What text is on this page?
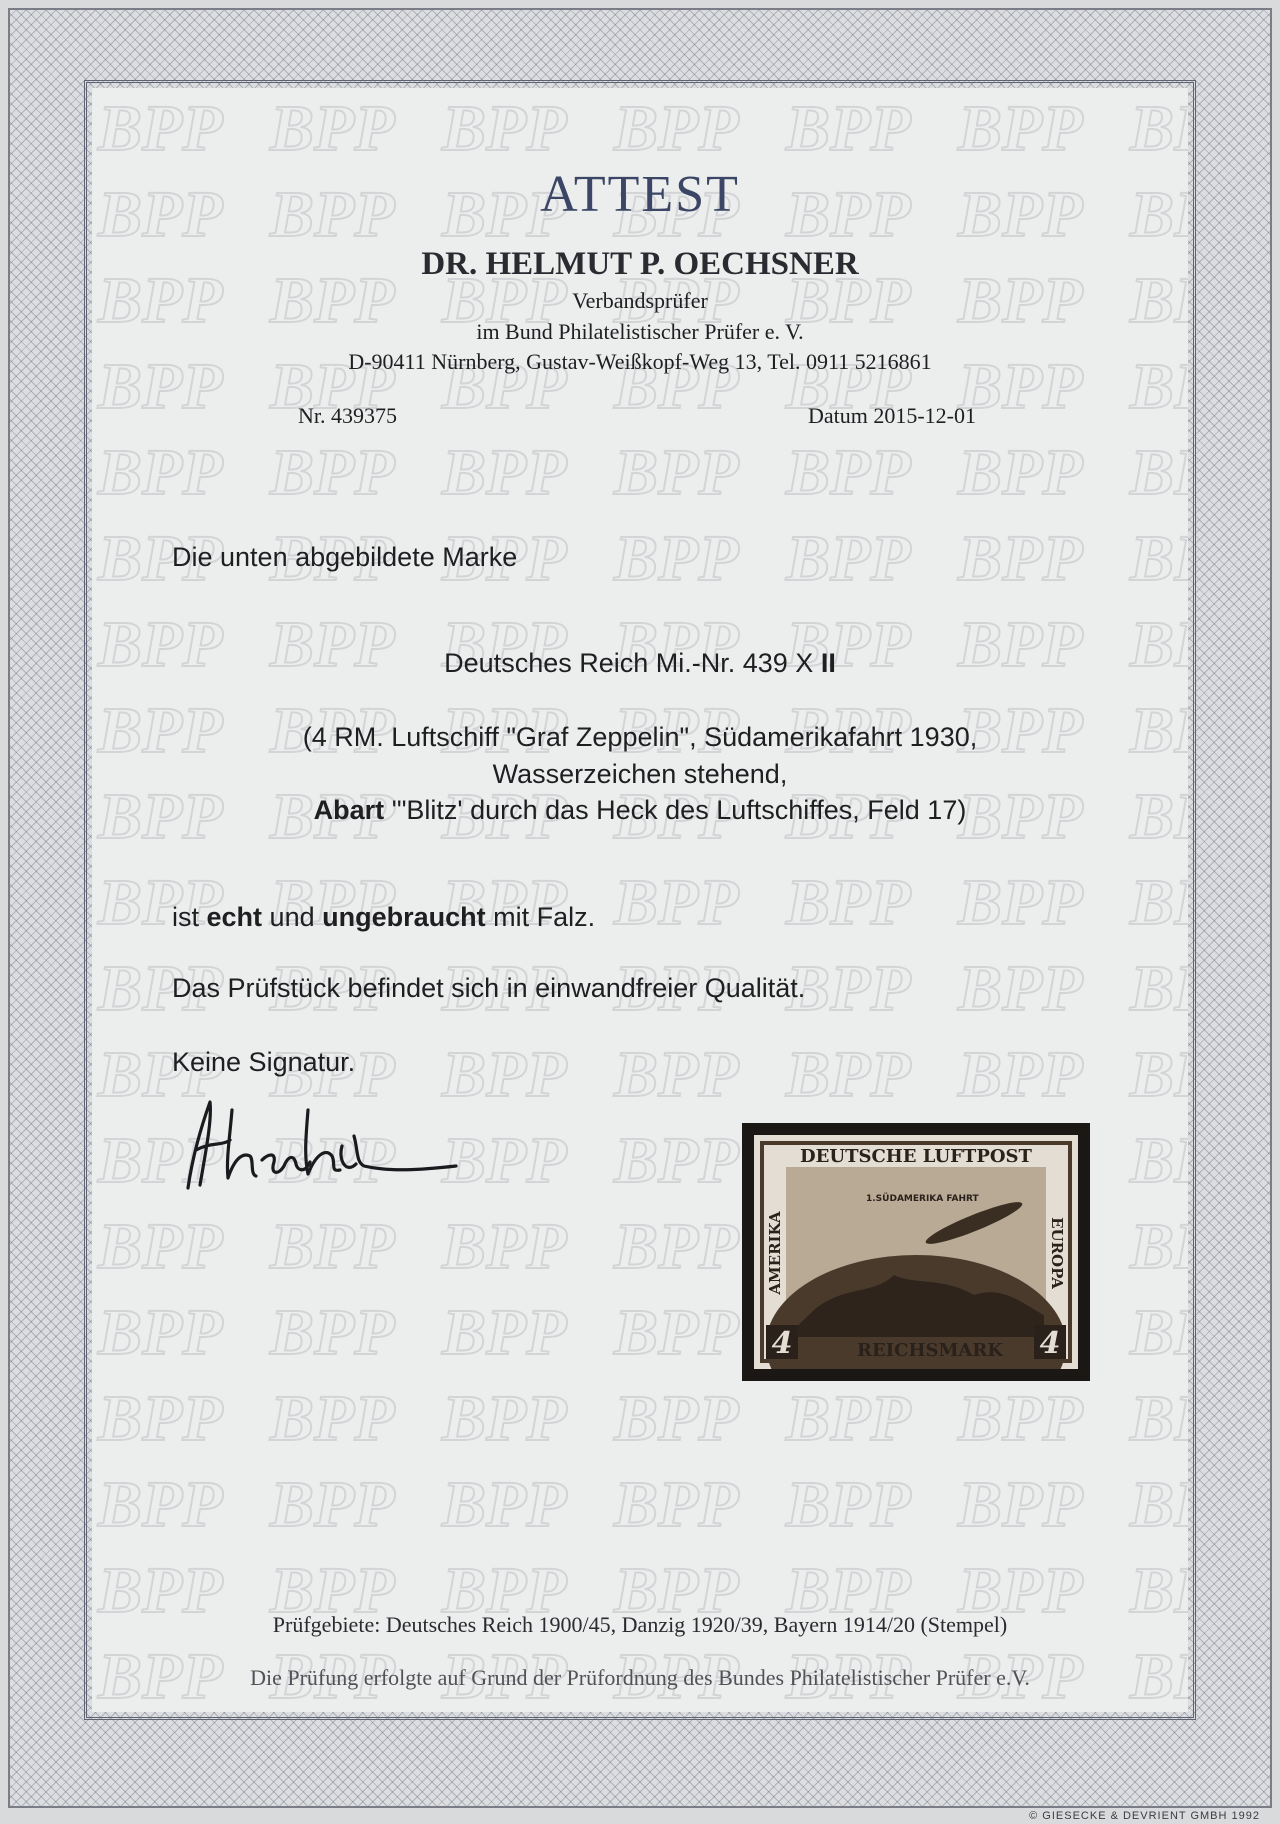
ATTEST
DR. HELMUT P. OECHSNER
Verbandsprüfer
im Bund Philatelistischer Prüfer e. V.
D-90411 Nürnberg, Gustav-Weißkopf-Weg 13, Tel. 0911 5216861
Nr. 439375	Datum 2015-12-01
Die unten abgebildete Marke
Deutsches Reich Mi.-Nr. 439 X II
(4 RM. Luftschiff "Graf Zeppelin", Südamerikafahrt 1930,
Wasserzeichen stehend,
Abart '"Blitz' durch das Heck des Luftschiffes, Feld 17)
ist echt und ungebraucht mit Falz.
Das Prüfstück befindet sich in einwandfreier Qualität.
Keine Signatur.
1.SÜDAMERIKA FAHRT
DEUTSCHE LUFTPOST
REICHSMARK
AMERIKA	EUROPA
4	4
Prüfgebiete: Deutsches Reich 1900/45, Danzig 1920/39, Bayern 1914/20 (Stempel)
Die Prüfung erfolgte auf Grund der Prüfordnung des Bundes Philatelistischer Prüfer e.V.
© GIESECKE & DEVRIENT GMBH 1992
